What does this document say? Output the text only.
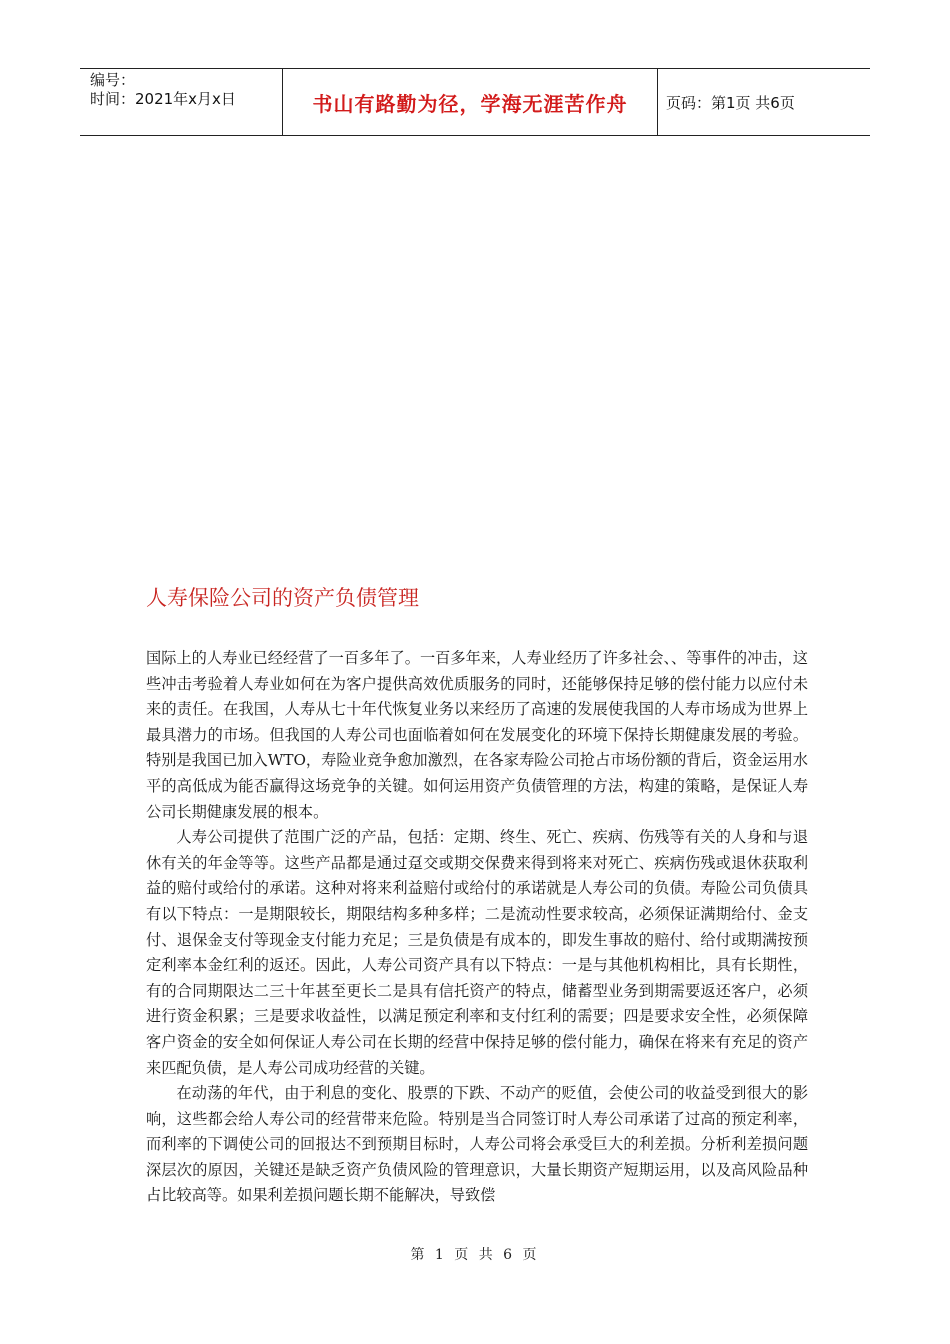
编号：
时间：2021年x月x日	书山有路勤为径，学海无涯苦作舟	页码：第1页 共6页
人寿保险公司的资产负债管理

国际上的人寿业已经经营了一百多年了。一百多年来，人寿业经历了许多社会、、等事件的冲击，这些冲击考验着人寿业如何在为客户提供高效优质服务的同时，还能够保持足够的偿付能力以应付未来的责任。在我国，人寿从七十年代恢复业务以来经历了高速的发展使我国的人寿市场成为世界上最具潜力的市场。但我国的人寿公司也面临着如何在发展变化的环境下保持长期健康发展的考验。特别是我国已加入WTO，寿险业竞争愈加激烈，在各家寿险公司抢占市场份额的背后，资金运用水平的高低成为能否赢得这场竞争的关键。如何运用资产负债管理的方法，构建的策略，是保证人寿公司长期健康发展的根本。

人寿公司提供了范围广泛的产品，包括：定期、终生、死亡、疾病、伤残等有关的人身和与退休有关的年金等等。这些产品都是通过趸交或期交保费来得到将来对死亡、疾病伤残或退休获取利益的赔付或给付的承诺。这种对将来利益赔付或给付的承诺就是人寿公司的负债。寿险公司负债具有以下特点：一是期限较长，期限结构多种多样；二是流动性要求较高，必须保证满期给付、金支付、退保金支付等现金支付能力充足；三是负债是有成本的，即发生事故的赔付、给付或期满按预定利率本金红利的返还。因此，人寿公司资产具有以下特点：一是与其他机构相比，具有长期性，有的合同期限达二三十年甚至更长二是具有信托资产的特点，储蓄型业务到期需要返还客户，必须进行资金积累；三是要求收益性，以满足预定利率和支付红利的需要；四是要求安全性，必须保障客户资金的安全如何保证人寿公司在长期的经营中保持足够的偿付能力，确保在将来有充足的资产来匹配负债，是人寿公司成功经营的关键。

在动荡的年代，由于利息的变化、股票的下跌、不动产的贬值，会使公司的收益受到很大的影响，这些都会给人寿公司的经营带来危险。特别是当合同签订时人寿公司承诺了过高的预定利率，而利率的下调使公司的回报达不到预期目标时，人寿公司将会承受巨大的利差损。分析利差损问题深层次的原因，关键还是缺乏资产负债风险的管理意识，大量长期资产短期运用，以及高风险品种占比较高等。如果利差损问题长期不能解决，导致偿

第 1 页 共 6 页
